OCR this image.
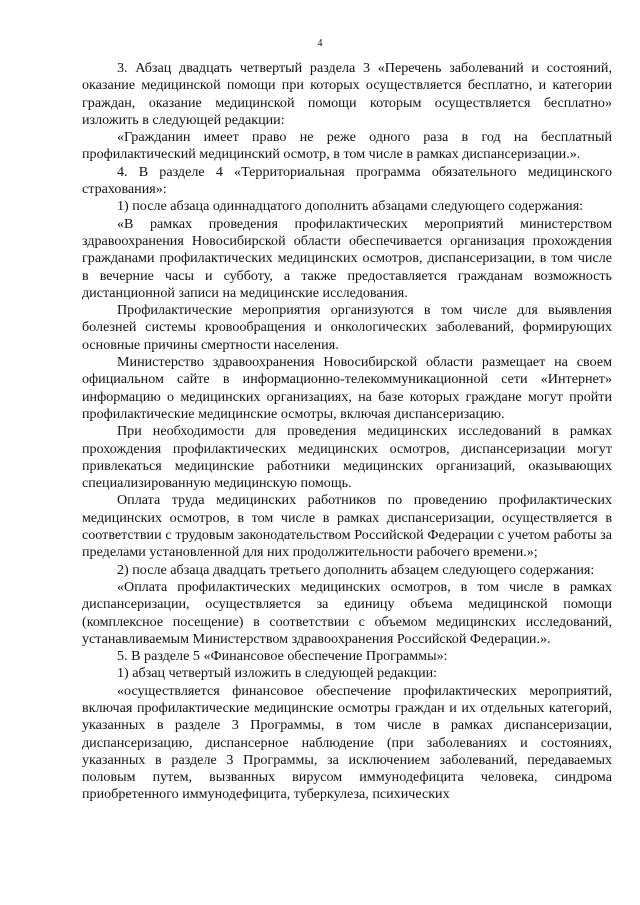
4

3. Абзац двадцать четвертый раздела 3 «Перечень заболеваний и состояний, оказание медицинской помощи при которых осуществляется бесплатно, и категории граждан, оказание медицинской помощи которым осуществляется бесплатно» изложить в следующей редакции:

«Гражданин имеет право не реже одного раза в год на бесплатный профилактический медицинский осмотр, в том числе в рамках диспансеризации.».

4. В разделе 4 «Территориальная программа обязательного медицинского страхования»:

1) после абзаца одиннадцатого дополнить абзацами следующего содержания:

«В рамках проведения профилактических мероприятий министерством здравоохранения Новосибирской области обеспечивается организация прохождения гражданами профилактических медицинских осмотров, диспансеризации, в том числе в вечерние часы и субботу, а также предоставляется гражданам возможность дистанционной записи на медицинские исследования.

Профилактические мероприятия организуются в том числе для выявления болезней системы кровообращения и онкологических заболеваний, формирующих основные причины смертности населения.

Министерство здравоохранения Новосибирской области размещает на своем официальном сайте в информационно-телекоммуникационной сети «Интернет» информацию о медицинских организациях, на базе которых граждане могут пройти профилактические медицинские осмотры, включая диспансеризацию.

При необходимости для проведения медицинских исследований в рамках прохождения профилактических медицинских осмотров, диспансеризации могут привлекаться медицинские работники медицинских организаций, оказывающих специализированную медицинскую помощь.

Оплата труда медицинских работников по проведению профилактических медицинских осмотров, в том числе в рамках диспансеризации, осуществляется в соответствии с трудовым законодательством Российской Федерации с учетом работы за пределами установленной для них продолжительности рабочего времени.»;

2) после абзаца двадцать третьего дополнить абзацем следующего содержания:

«Оплата профилактических медицинских осмотров, в том числе в рамках диспансеризации, осуществляется за единицу объема медицинской помощи (комплексное посещение) в соответствии с объемом медицинских исследований, устанавливаемым Министерством здравоохранения Российской Федерации.».

5. В разделе 5 «Финансовое обеспечение Программы»:

1) абзац четвертый изложить в следующей редакции:

«осуществляется финансовое обеспечение профилактических мероприятий, включая профилактические медицинские осмотры граждан и их отдельных категорий, указанных в разделе 3 Программы, в том числе в рамках диспансеризации, диспансеризацию, диспансерное наблюдение (при заболеваниях и состояниях, указанных в разделе 3 Программы, за исключением заболеваний, передаваемых половым путем, вызванных вирусом иммунодефицита человека, синдрома приобретенного иммунодефицита, туберкулеза, психических
